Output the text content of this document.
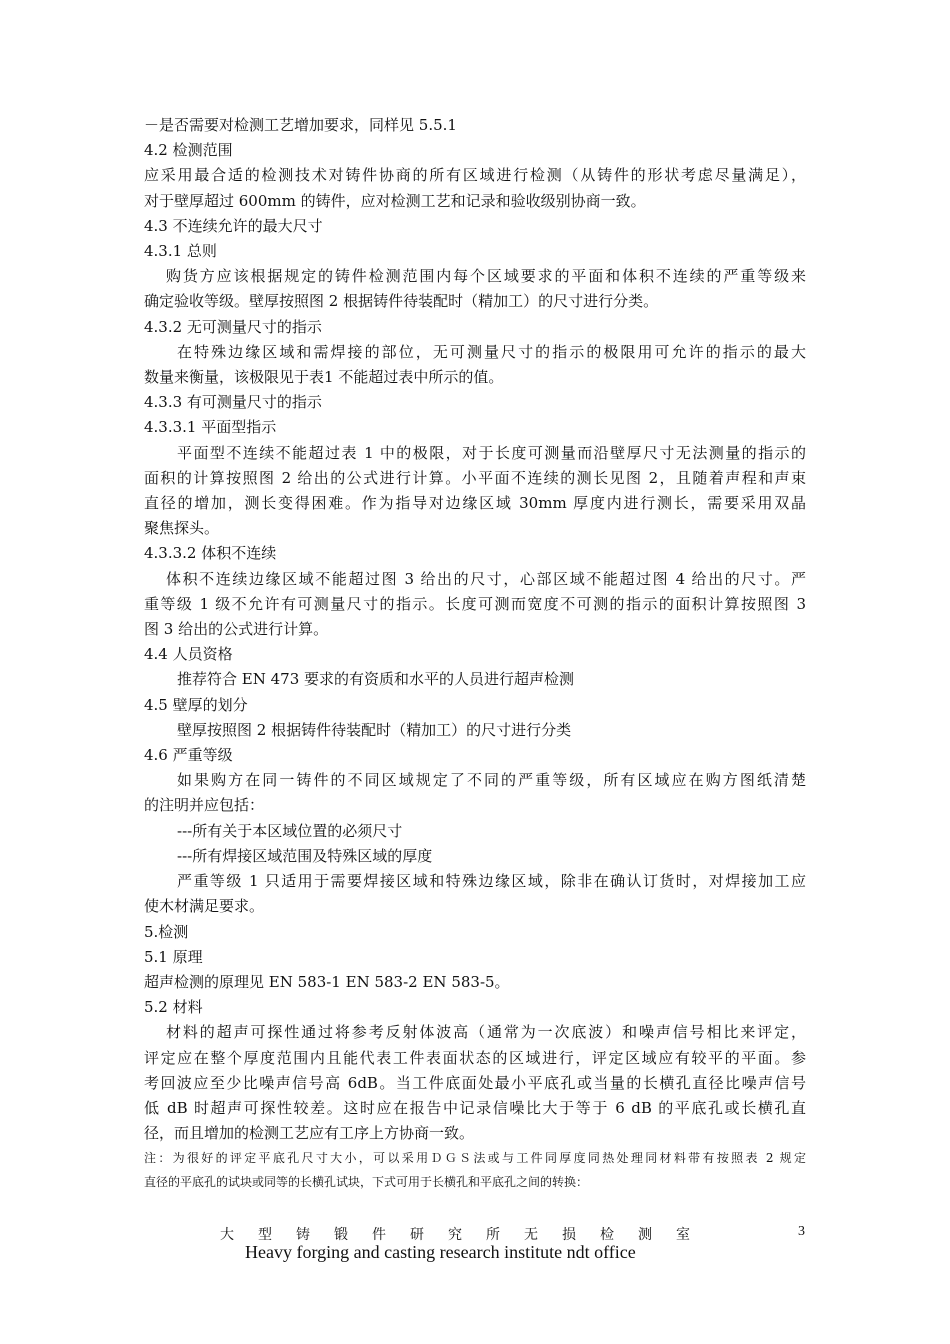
－是否需要对检测工艺增加要求，同样见 5.5.1
4.2 检测范围
应采用最合适的检测技术对铸件协商的所有区域进行检测（从铸件的形状考虑尽量满足），
对于壁厚超过 600mm 的铸件，应对检测工艺和记录和验收级别协商一致。
4.3 不连续允许的最大尺寸
4.3.1 总则
购货方应该根据规定的铸件检测范围内每个区域要求的平面和体积不连续的严重等级来
确定验收等级。壁厚按照图 2 根据铸件待装配时（精加工）的尺寸进行分类。
4.3.2 无可测量尺寸的指示
在特殊边缘区域和需焊接的部位，无可测量尺寸的指示的极限用可允许的指示的最大
数量来衡量，该极限见于表1 不能超过表中所示的值。
4.3.3 有可测量尺寸的指示
4.3.3.1 平面型指示
平面型不连续不能超过表 1 中的极限，对于长度可测量而沿壁厚尺寸无法测量的指示的
面积的计算按照图 2 给出的公式进行计算。小平面不连续的测长见图 2，且随着声程和声束
直径的增加，测长变得困难。作为指导对边缘区域 30mm 厚度内进行测长，需要采用双晶
聚焦探头。
4.3.3.2 体积不连续
体积不连续边缘区域不能超过图 3 给出的尺寸，心部区域不能超过图 4 给出的尺寸。严
重等级 1 级不允许有可测量尺寸的指示。长度可测而宽度不可测的指示的面积计算按照图 3
图 3 给出的公式进行计算。
4.4 人员资格
推荐符合 EN 473 要求的有资质和水平的人员进行超声检测
4.5 壁厚的划分
壁厚按照图 2 根据铸件待装配时（精加工）的尺寸进行分类
4.6 严重等级
如果购方在同一铸件的不同区域规定了不同的严重等级，所有区域应在购方图纸清楚
的注明并应包括：
---所有关于本区域位置的必须尺寸
---所有焊接区域范围及特殊区域的厚度
严重等级 1 只适用于需要焊接区域和特殊边缘区域，除非在确认订货时，对焊接加工应
使木材满足要求。
5.检测
5.1 原理
超声检测的原理见 EN 583-1 EN 583-2 EN 583-5。
5.2 材料
材料的超声可探性通过将参考反射体波高（通常为一次底波）和噪声信号相比来评定，
评定应在整个厚度范围内且能代表工件表面状态的区域进行，评定区域应有较平的平面。参
考回波应至少比噪声信号高 6dB。当工件底面处最小平底孔或当量的长横孔直径比噪声信号
低 dB 时超声可探性较差。这时应在报告中记录信噪比大于等于 6 dB 的平底孔或长横孔直
径，而且增加的检测工艺应有工序上方协商一致。
注：为很好的评定平底孔尺寸大小，可以采用ＤＧＳ法或与工件同厚度同热处理同材料带有按照表 2 规定
直径的平底孔的试块或同等的长横孔试块，下式可用于长横孔和平底孔之间的转换：
大 型 铸 锻 件 研 究 所 无 损 检 测 室
Heavy forging and casting research institute ndt office
3
